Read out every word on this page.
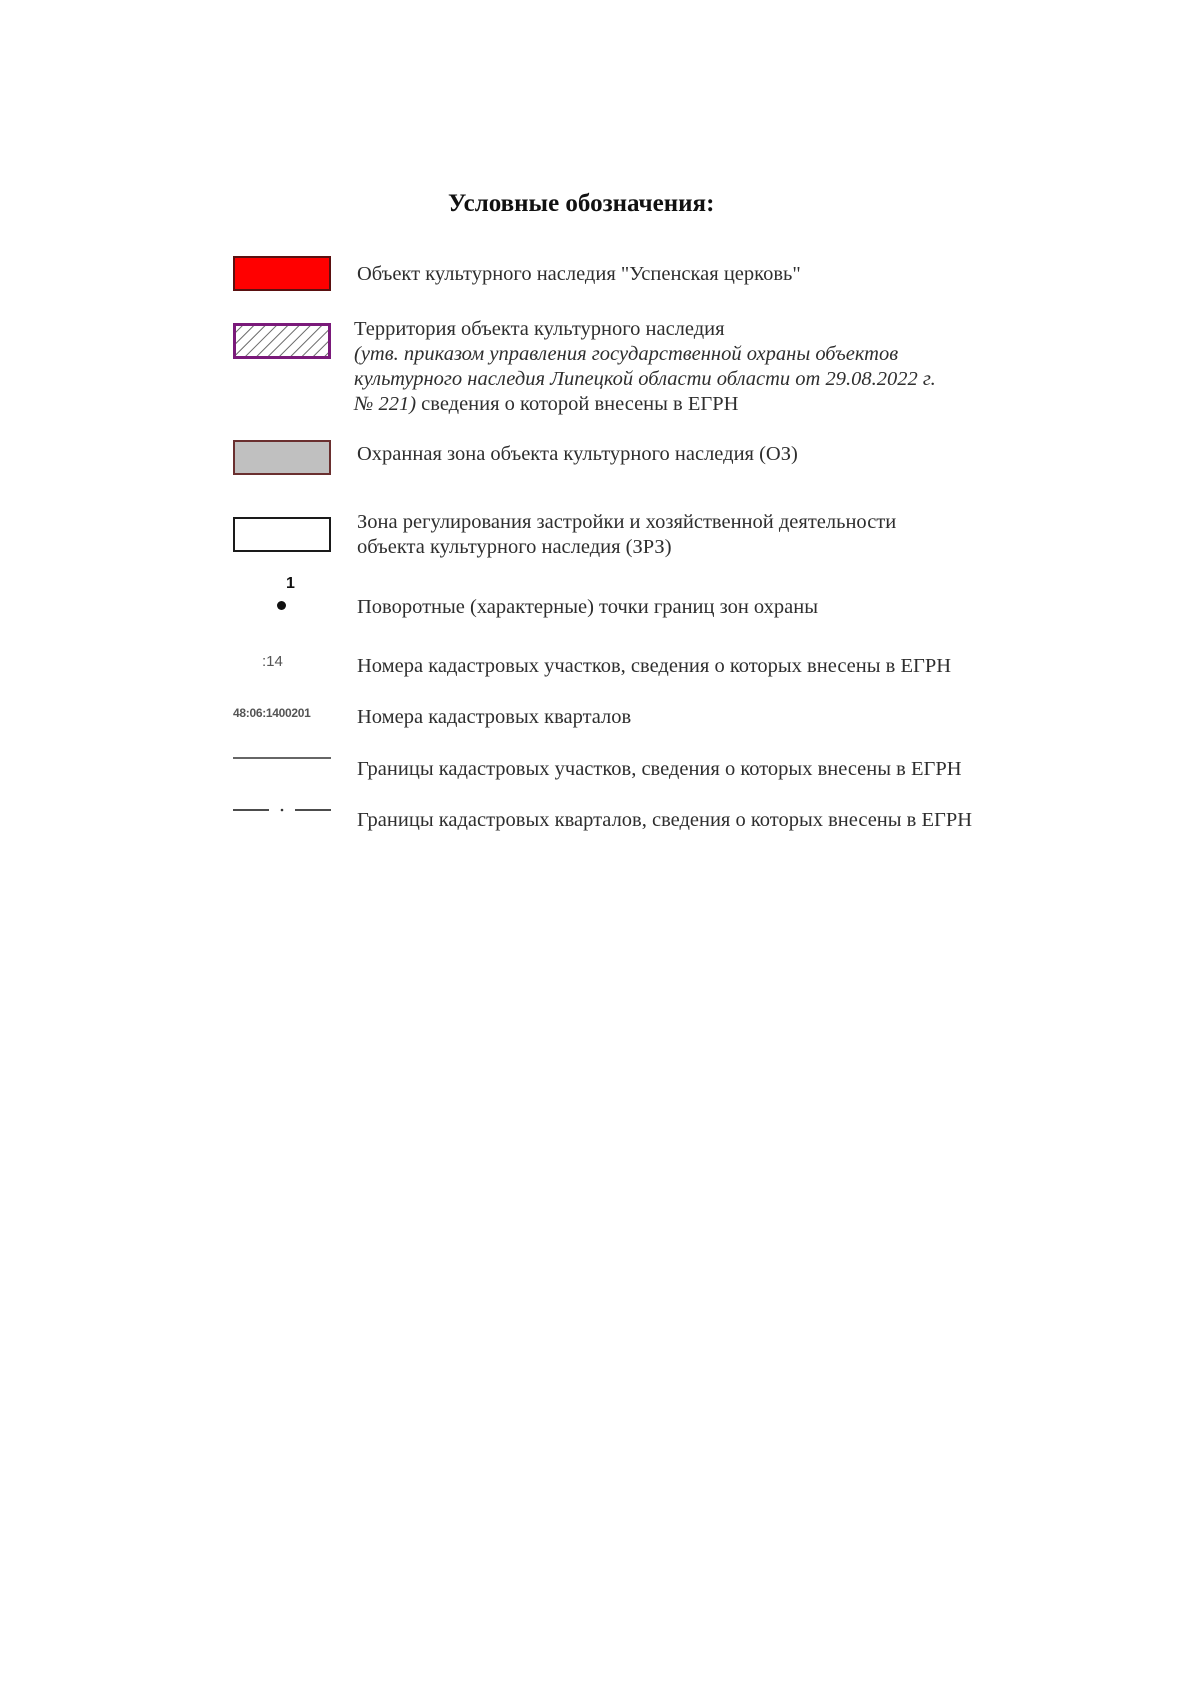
Условные обозначения:
Объект культурного наследия "Успенская церковь"
Территория объекта культурного наследия
(утв. приказом управления государственной охраны объектов
культурного наследия Липецкой области области от 29.08.2022 г.
№ 221) сведения о которой внесены в ЕГРН
Охранная зона объекта культурного наследия (ОЗ)
Зона регулирования застройки и хозяйственной деятельности
объекта культурного наследия (ЗРЗ)
1
Поворотные (характерные) точки границ зон охраны
:14	Номера кадастровых участков, сведения о которых внесены в ЕГРН
48:06:1400201 Номера кадастровых кварталов
Границы кадастровых участков, сведения о которых внесены в ЕГРН
Границы кадастровых кварталов, сведения о которых внесены в ЕГРН
